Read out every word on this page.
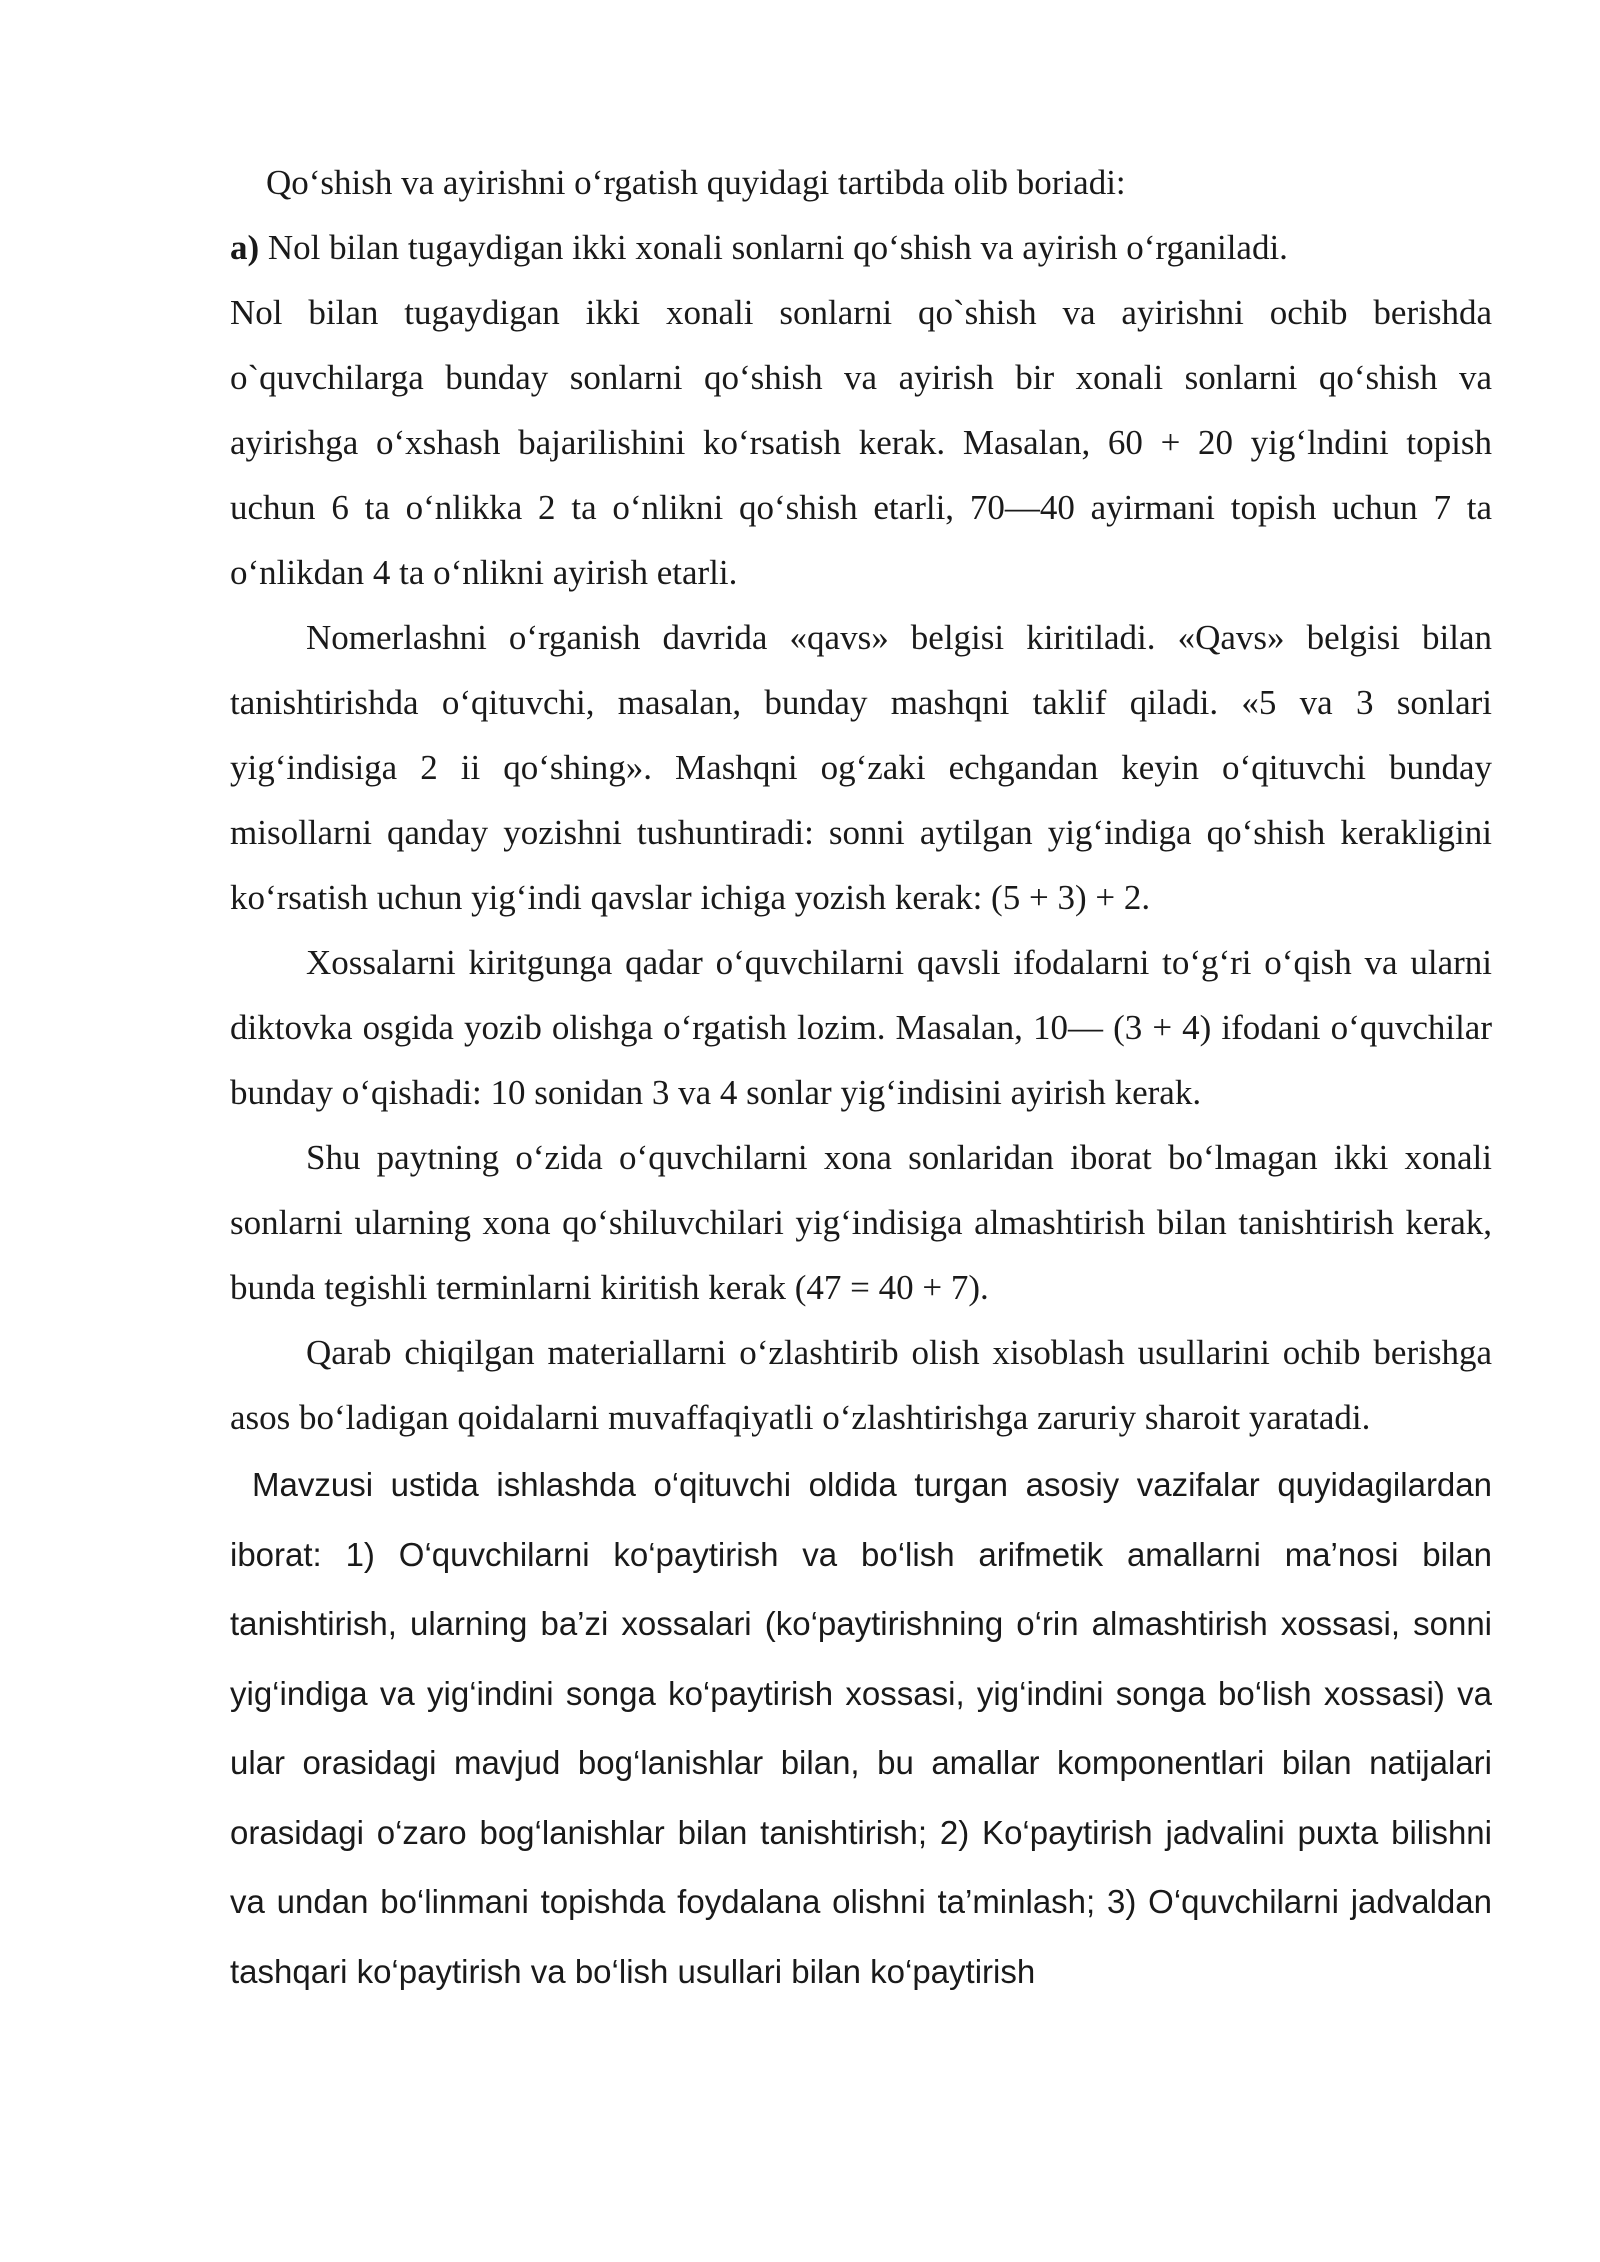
Qo‘shish va ayirishni o‘rgatish quyidagi tartibda olib boriadi:

a) Nol bilan tugaydigan ikki xonali sonlarni qo‘shish va ayirish o‘rganiladi.

Nol bilan tugaydigan ikki xonali sonlarni qo`shish va ayirishni ochib berishda o`quvchilarga bunday sonlarni qo‘shish va ayirish bir xonali sonlarni qo‘shish va ayirishga o‘xshash bajarilishini ko‘rsatish kerak. Masalan, 60 + 20 yig‘lndini topish uchun 6 ta o‘nlikka 2 ta o‘nlikni qo‘shish etarli, 70—40 ayirmani topish uchun 7 ta o‘nlikdan 4 ta o‘nlikni ayirish etarli.

Nomerlashni o‘rganish davrida «qavs» belgisi kiritiladi. «Qavs» belgisi bilan tanishtirishda o‘qituvchi, masalan, bunday mashqni taklif qiladi. «5 va 3 sonlari yig‘indisiga 2 ii qo‘shing». Mashqni og‘zaki echgandan keyin o‘qituvchi bunday misollarni qanday yozishni tushuntiradi: sonni aytilgan yig‘indiga qo‘shish kerakligini ko‘rsatish uchun yig‘indi qavslar ichiga yozish kerak: (5 + 3) + 2.

Xossalarni kiritgunga qadar o‘quvchilarni qavsli ifodalarni to‘g‘ri o‘qish va ularni diktovka osgida yozib olishga o‘rgatish lozim. Masalan, 10— (3 + 4) ifodani o‘quvchilar bunday o‘qishadi: 10 sonidan 3 va 4 sonlar yig‘indisini ayirish kerak.

Shu paytning o‘zida o‘quvchilarni xona sonlaridan iborat bo‘lmagan ikki xonali sonlarni ularning xona qo‘shiluvchilari yig‘indisiga almashtirish bilan tanishtirish kerak, bunda tegishli terminlarni kiritish kerak (47 = 40 + 7).

Qarab chiqilgan materiallarni o‘zlashtirib olish xisoblash usullarini ochib berishga asos bo‘ladigan qoidalarni muvaffaqiyatli o‘zlashtirishga zaruriy sharoit yaratadi.

Mavzusi ustida ishlashda o‘qituvchi oldida turgan asosiy vazifalar quyidagilardan iborat: 1) O‘quvchilarni ko‘paytirish va bo‘lish arifmetik amallarni ma’nosi bilan tanishtirish, ularning ba’zi xossalari (ko‘paytirishning o‘rin almashtirish xossasi, sonni yig‘indiga va yig‘indini songa ko‘paytirish xossasi, yig‘indini songa bo‘lish xossasi) va ular orasidagi mavjud bog‘lanishlar bilan, bu amallar komponentlari bilan natijalari orasidagi o‘zaro bog‘lanishlar bilan tanishtirish; 2) Ko‘paytirish jadvalini puxta bilishni va undan bo‘linmani topishda foydalana olishni ta’minlash; 3) O‘quvchilarni jadvaldan tashqari ko‘paytirish va bo‘lish usullari bilan ko‘paytirish
